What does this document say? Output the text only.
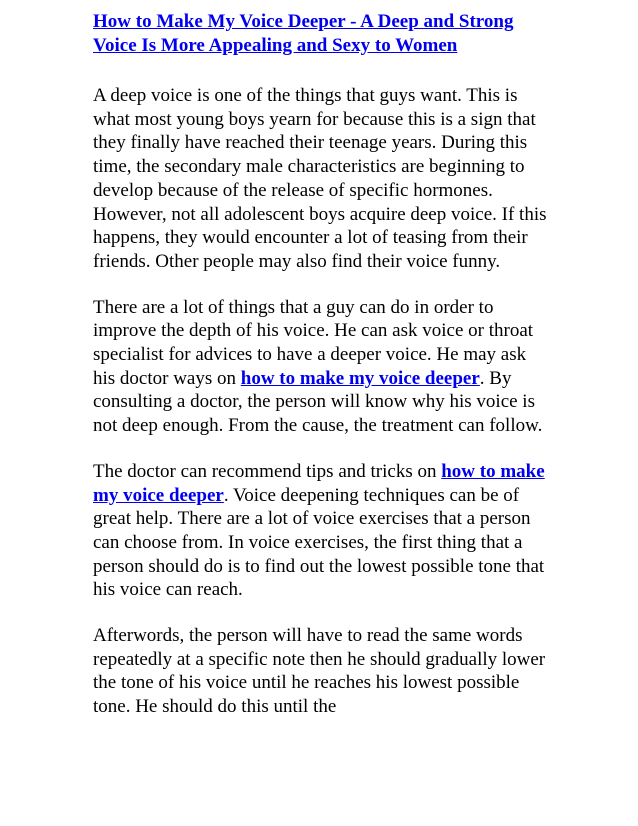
How to Make My Voice Deeper - A Deep and Strong Voice Is More Appealing and Sexy to Women

A deep voice is one of the things that guys want. This is what most young boys yearn for because this is a sign that they finally have reached their teenage years. During this time, the secondary male characteristics are beginning to develop because of the release of specific hormones. However, not all adolescent boys acquire deep voice. If this happens, they would encounter a lot of teasing from their friends. Other people may also find their voice funny.

There are a lot of things that a guy can do in order to improve the depth of his voice. He can ask voice or throat specialist for advices to have a deeper voice. He may ask his doctor ways on how to make my voice deeper. By consulting a doctor, the person will know why his voice is not deep enough. From the cause, the treatment can follow.

The doctor can recommend tips and tricks on how to make my voice deeper. Voice deepening techniques can be of great help. There are a lot of voice exercises that a person can choose from. In voice exercises, the first thing that a person should do is to find out the lowest possible tone that his voice can reach.

Afterwords, the person will have to read the same words repeatedly at a specific note then he should gradually lower the tone of his voice until he reaches his lowest possible tone. He should do this until the
